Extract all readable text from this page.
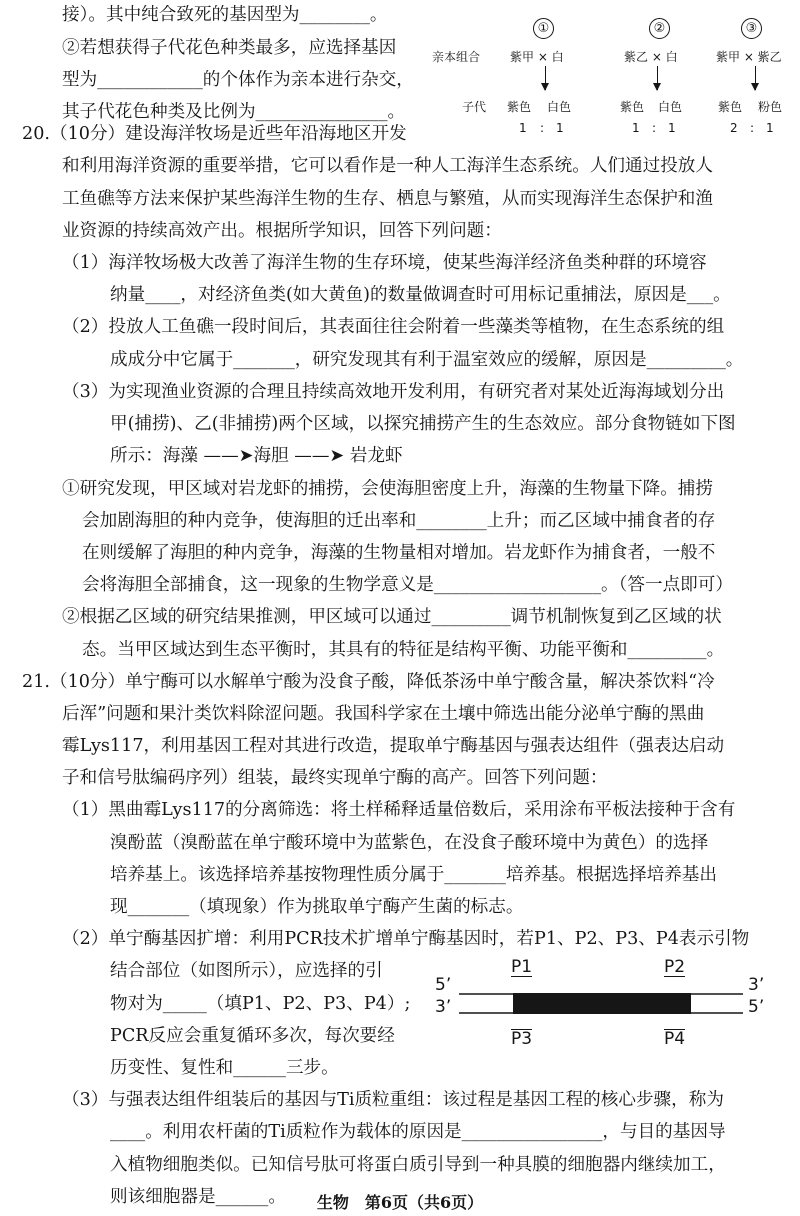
接）。其中纯合致死的基因型为________。
②若想获得子代花色种类最多，应选择基因
型为____________的个体作为亲本进行杂交，
其子代花色种类及比例为_______________。
①	②	③
亲本组合 紫甲 × 白	紫乙 × 白	紫甲 × 紫乙
子代 紫色 白色	紫色 白色	紫色 粉色
1 : 1	1 : 1	2 : 1
20.（10分）建设海洋牧场是近些年沿海地区开发
和利用海洋资源的重要举措，它可以看作是一种人工海洋生态系统。人们通过投放人
工鱼礁等方法来保护某些海洋生物的生存、栖息与繁殖，从而实现海洋生态保护和渔
业资源的持续高效产出。根据所学知识，回答下列问题：
（1）海洋牧场极大改善了海洋生物的生存环境，使某些海洋经济鱼类种群的环境容
纳量____，对经济鱼类(如大黄鱼)的数量做调查时可用标记重捕法，原因是___。
（2）投放人工鱼礁一段时间后，其表面往往会附着一些藻类等植物，在生态系统的组
成成分中它属于_______，研究发现其有利于温室效应的缓解，原因是_________。
（3）为实现渔业资源的合理且持续高效地开发利用，有研究者对某处近海海域划分出
甲(捕捞)、乙(非捕捞)两个区域，以探究捕捞产生的生态效应。部分食物链如下图
所示：海藻 ——➤海胆 ——➤ 岩龙虾
①研究发现，甲区域对岩龙虾的捕捞，会使海胆密度上升，海藻的生物量下降。捕捞
会加剧海胆的种内竞争，使海胆的迁出率和________上升；而乙区域中捕食者的存
在则缓解了海胆的种内竞争，海藻的生物量相对增加。岩龙虾作为捕食者，一般不
会将海胆全部捕食，这一现象的生物学意义是___________________。（答一点即可）
②根据乙区域的研究结果推测，甲区域可以通过_________调节机制恢复到乙区域的状
态。当甲区域达到生态平衡时，其具有的特征是结构平衡、功能平衡和_________。
21.（10分）单宁酶可以水解单宁酸为没食子酸，降低茶汤中单宁酸含量，解决茶饮料“冷
后浑”问题和果汁类饮料除涩问题。我国科学家在土壤中筛选出能分泌单宁酶的黑曲
霉Lys117，利用基因工程对其进行改造，提取单宁酶基因与强表达组件（强表达启动
子和信号肽编码序列）组装，最终实现单宁酶的高产。回答下列问题：
（1）黑曲霉Lys117的分离筛选：将土样稀释适量倍数后，采用涂布平板法接种于含有
溴酚蓝（溴酚蓝在单宁酸环境中为蓝紫色，在没食子酸环境中为黄色）的选择
培养基上。该选择培养基按物理性质分属于_______培养基。根据选择培养基出
现_______（填现象）作为挑取单宁酶产生菌的标志。
（2）单宁酶基因扩增：利用PCR技术扩增单宁酶基因时，若P1、P2、P3、P4表示引物
结合部位（如图所示），应选择的引
物对为_____（填P1、P2、P3、P4）;
PCR反应会重复循环多次，每次要经
历变性、复性和______三步。
（3）与强表达组件组装后的基因与Ti质粒重组：该过程是基因工程的核心步骤，称为
____。利用农杆菌的Ti质粒作为载体的原因是________________，与目的基因导
入植物细胞类似。已知信号肽可将蛋白质引导到一种具膜的细胞器内继续加工，
则该细胞器是______。
5’
3’
3’
5’
P1	P2
P3	P4
生物　第6页（共6页）
